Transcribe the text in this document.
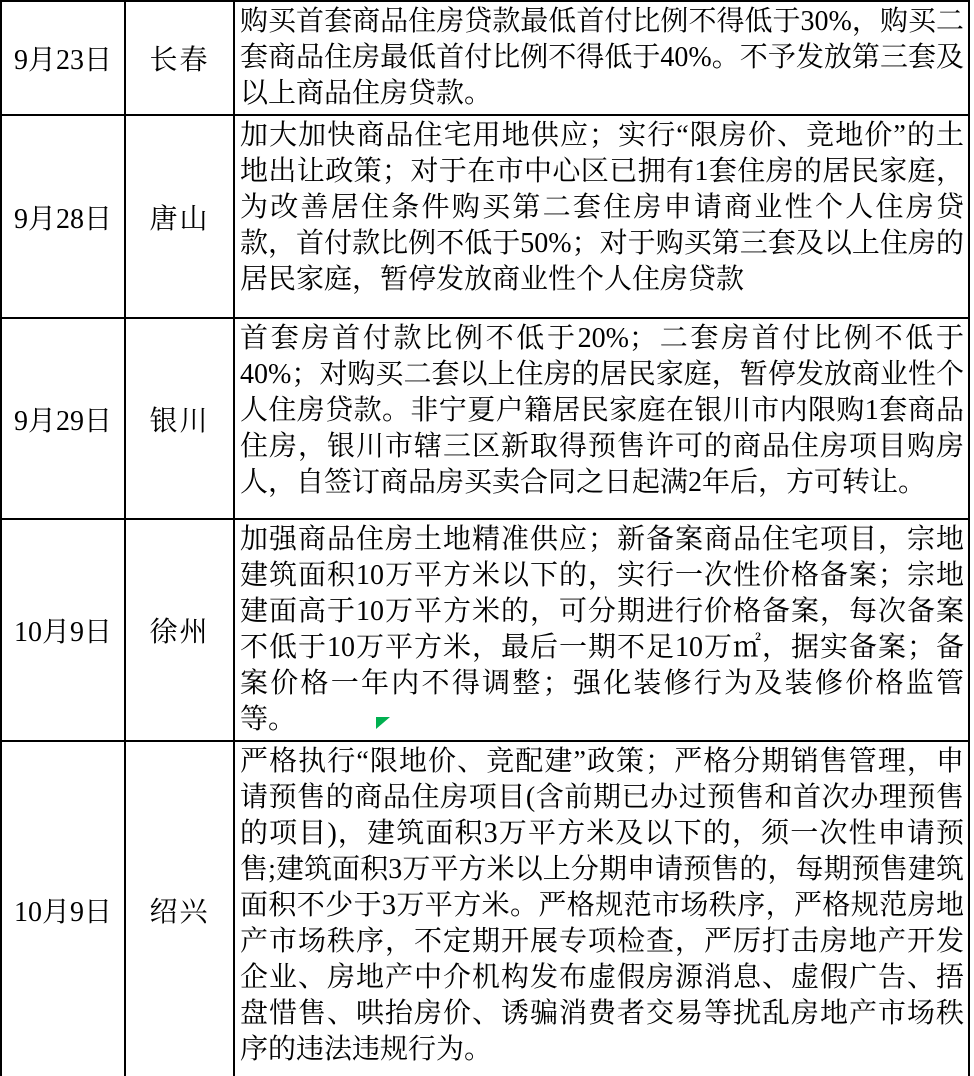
9月23日	长春	购买首套商品住房贷款最低首付比例不得低于30%，购买二套商品住房最低首付比例不得低于40%。不予发放第三套及以上商品住房贷款。
9月28日	唐山	加大加快商品住宅用地供应；实行“限房价、竞地价”的土地出让政策；对于在市中心区已拥有1套住房的居民家庭，为改善居住条件购买第二套住房申请商业性个人住房贷款，首付款比例不低于50%；对于购买第三套及以上住房的居民家庭，暂停发放商业性个人住房贷款
9月29日	银川	首套房首付款比例不低于20%；二套房首付比例不低于40%；对购买二套以上住房的居民家庭，暂停发放商业性个人住房贷款。非宁夏户籍居民家庭在银川市内限购1套商品住房，银川市辖三区新取得预售许可的商品住房项目购房人，自签订商品房买卖合同之日起满2年后，方可转让。
10月9日	徐州	加强商品住房土地精准供应；新备案商品住宅项目，宗地建筑面积10万平方米以下的，实行一次性价格备案；宗地建面高于10万平方米的，可分期进行价格备案，每次备案不低于10万平方米，最后一期不足10万㎡，据实备案；备案价格一年内不得调整；强化装修行为及装修价格监管等。
10月9日	绍兴	严格执行“限地价、竞配建”政策；严格分期销售管理，申请预售的商品住房项目(含前期已办过预售和首次办理预售的项目)，建筑面积3万平方米及以下的，须一次性申请预售;建筑面积3万平方米以上分期申请预售的，每期预售建筑面积不少于3万平方米。严格规范市场秩序，严格规范房地产市场秩序，不定期开展专项检查，严厉打击房地产开发企业、房地产中介机构发布虚假房源消息、虚假广告、捂盘惜售、哄抬房价、诱骗消费者交易等扰乱房地产市场秩序的违法违规行为。
